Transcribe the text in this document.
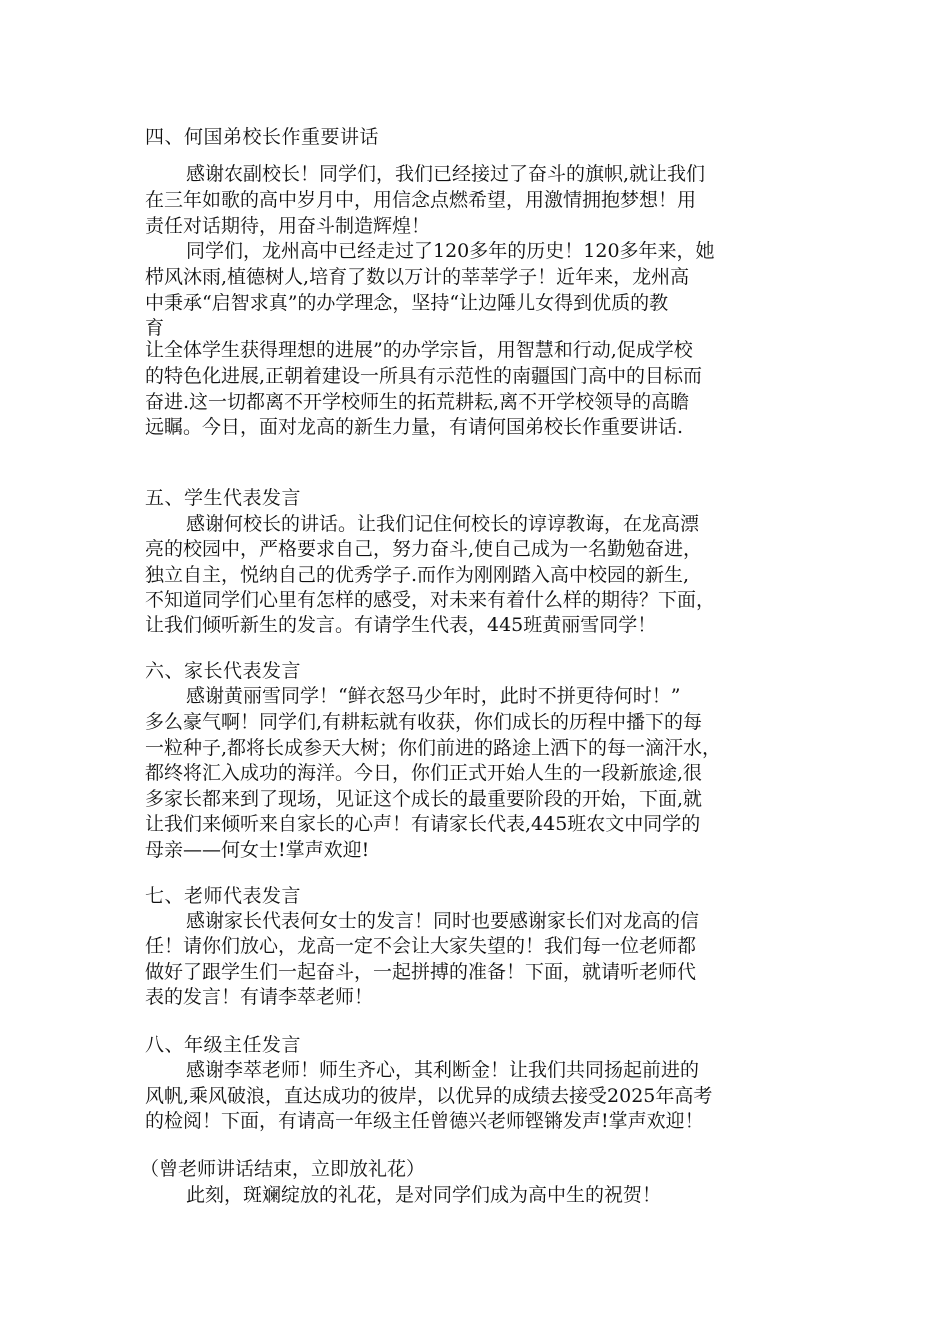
四、何国弟校长作重要讲话
感谢农副校长！同学们，我们已经接过了奋斗的旗帜,就让我们
在三年如歌的高中岁月中，用信念点燃希望，用激情拥抱梦想！用
责任对话期待，用奋斗制造辉煌！
同学们，龙州高中已经走过了120多年的历史！120多年来，她
栉风沐雨,植德树人,培育了数以万计的莘莘学子！近年来，龙州高
中秉承“启智求真”的办学理念，坚持“让边陲儿女得到优质的教
育
让全体学生获得理想的进展”的办学宗旨，用智慧和行动,促成学校
的特色化进展,正朝着建设一所具有示范性的南疆国门高中的目标而
奋进.这一切都离不开学校师生的拓荒耕耘,离不开学校领导的高瞻
远瞩。今日，面对龙高的新生力量，有请何国弟校长作重要讲话.
五、学生代表发言
感谢何校长的讲话。让我们记住何校长的谆谆教诲，在龙高漂
亮的校园中，严格要求自己，努力奋斗,使自己成为一名勤勉奋进，
独立自主，悦纳自己的优秀学子.而作为刚刚踏入高中校园的新生,
不知道同学们心里有怎样的感受，对未来有着什么样的期待？下面，
让我们倾听新生的发言。有请学生代表，445班黄丽雪同学！
六、家长代表发言
感谢黄丽雪同学！“鲜衣怒马少年时，此时不拼更待何时！”
多么豪气啊！同学们,有耕耘就有收获，你们成长的历程中播下的每
一粒种子,都将长成参天大树；你们前进的路途上洒下的每一滴汗水，
都终将汇入成功的海洋。今日，你们正式开始人生的一段新旅途,很
多家长都来到了现场，见证这个成长的最重要阶段的开始，下面,就
让我们来倾听来自家长的心声！有请家长代表,445班农文中同学的
母亲——何女士!掌声欢迎!
七、老师代表发言
感谢家长代表何女士的发言！同时也要感谢家长们对龙高的信
任！请你们放心，龙高一定不会让大家失望的！我们每一位老师都
做好了跟学生们一起奋斗，一起拼搏的准备！下面，就请听老师代
表的发言！有请李萃老师！
八、年级主任发言
感谢李萃老师！师生齐心，其利断金！让我们共同扬起前进的
风帆,乘风破浪，直达成功的彼岸，以优异的成绩去接受2025年高考
的检阅！下面，有请高一年级主任曾德兴老师铿锵发声!掌声欢迎！
（曾老师讲话结束，立即放礼花）
此刻，斑斓绽放的礼花，是对同学们成为高中生的祝贺！
